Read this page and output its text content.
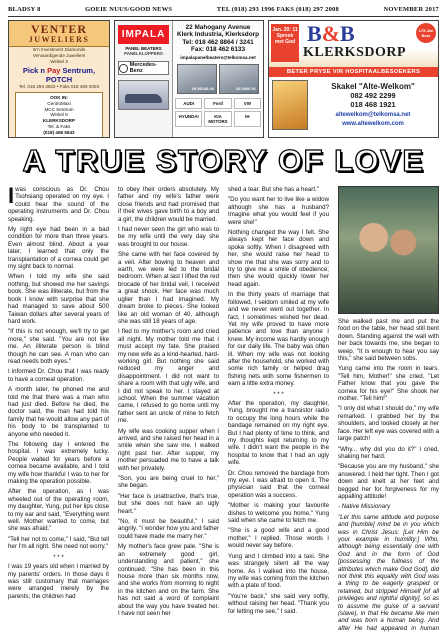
BLADSY 8	GOEIE NUUS/GOOD NEWS	TEL (018) 293 1996 FAKS (018) 297 2008	NOVEMBER 2017
VENTER
JUWELIERS
Is'n Investment Diamonds
Vervaardigende Juweliers
Winkel 3
Pick n Pay Sentrum, POTCH
Tel. 018 294 3932 • Faks 018 469 0003
OOK IN:
CentroMaxi
MCC Sentrum
Winkel 5
KLERKSDORP
Tel. & Faks
(018) 468 5943
IMPALA
PANEL BEATERS
PANELKLOPPERS
Mercedes-Benz
22 Mahogany Avenue
Klerk Industria, Klerksdorp
Tel: 018 462 8864 / 3241
Fax: 018 462 6133
impalapanelbeaters@telkomsa.net
29 56148 40	28 0846 81
AUDI	Ford	VW
HYUNDAI	KIA MOTORS
IH
Jan. 20: 11
Spreek
met God B&B
KLERKSDORP
175 Jan Boer
BETER PRYSE VIR HOSPITAALBESOEKERS
Skakel "Alte-Welkom"
082 492 2299
018 468 1921
altewelkom@telkomsa.net
www.altewelkom.com
A TRUE STORY OF LOVE

Iwas conscious as Dr. Chou Tsohsiang operated on my eye. I could hear the sound of the operating instruments and Dr. Chou speaking.

My right eye had been in a bad condition for more than three years. Even almost blind. About a year later, I learned that only the transplantation of a cornea could get my sight back to normal.

When I told my wife she said nothing, but showed me her savings book. She was illiterate, but from the book I know with surprise that she had managed to save about 500 Taiwan dollars after several years of hard work.

"If this is not enough, we'll try to get more," she said. "You are not like me. An illiterate person is blind though he can see. A man who can read needs both eyes."

I informed Dr. Chou that I was ready to have a corneal operation.

A month later, he phoned me and told me that there was a man who had just died. Before he died, the doctor said, the man had told his family that he would allow any part of his body to be transplanted to anyone who needed it.

The following day I entered the hospital. I was extremely lucky. People waited for years before a cornea became available, and I told my wife how thankful I was to her for making the operation possible.

After the operation, as I was wheeled out of the operating room, my daughter, Yung, put her lips close to my ear and said, "Everything went well. Mother wanted to come, but she was afraid."

"Tell her not to come," I said, "But tell her I'm all right. She need not worry."

* * *

I was 19 years old when I married by my parents' orders. In those days it was still customary that marriages were arranged merely by the parents; the children had

to obey their orders absolutely. My father and my wife's father were close friends and had promised that if their wives gave birth to a boy and a girl, the children would be married.

I had never seen the girl who was to be my wife until the very day she was brought to our house.

She came with her face covered by a veil. After bowing to heaven and earth, we were led to the bridal bedroom. When at last I lifted the red brocade of her bridal veil, I received a great shock. Her face was much uglier than I had imagined. My dream broke to pieces. She looked like an old woman of 40, although she was still 18 years of age.

I fled to my mother's room and cried all night. My mother told me that I must accept my fate. She praised my new wife as a kind-hearted, hard-working girl. But nothing she said reduced my anger and disappointment. I did not want to share a room with that ugly wife, and I did not speak to her. I stayed at school. When the summer vacation came, I refused to go home until my father sent an uncle of mine to fetch me.

My wife was cooking supper when I arrived, and she raised her head in a smile when she saw me. I walked right past her. After supper, my mother persuaded me to have a talk with her privately.

"Son, you are being cruel to her," she began.

"Her face is unattractive, that's true, but she does not have an ugly heart."

"No, it must be beautiful," I said angrily. "I wonder how you and father could have made me marry her."

My mother's face grew pale. "She is an extremely good girl, understanding and patient," she continued. "She has been in this house more than six months now, and she works from morning to night in the kitchen and on the farm. She has not said a word of complaint about the way you have treated her. I have not seen her

shed a tear. But she has a heart."

"Do you want her to live like a widow although she has a husband? Imagine what you would feel if you were she!"

Nothing changed the way I felt. She always kept her face down and spoke softly. When I disagreed with her, she would raise her head to show me that she was sorry and to try to give me a smile of obedience; then she would quickly lower her head again.

In the thirty years of marriage that followed, I seldom smiled at my wife and we never went out together. In fact, I sometimes wished her dead. Yet my wife proved to have more patience and love than anyone I knew. My income was hardly enough for our daily life. The baby was often ill. When my wife was not looking after the household, she worked with some rich family or helped drag fishing nets with some fishermen to earn a little extra money.

* * *

After the operation, my daughter, Yung, brought me a transistor radio to occupy the long hours while the bandage remained on my right eye. But I had plenty of time to think, and my thoughts kept returning to my wife. I didn't want the people in the hospital to know that I had an ugly wife.

Dr. Chou removed the bandage from my eye. I was afraid to open it. The physician said that the corneal operation was a success.

"Mother is making your favourite dishes to welcome you home," Yung said when she came to fetch me.

"She is a good wife and a good mother," I replied. Those words I would never say before.

Yung and I climbed into a taxi. She was strangely silent all the way home. As I walked into the house, my wife was coming from the kitchen with a plate of food.

"You're back," she said very softly, without raising her head. "Thank you for letting me see," I said.

She walked past me and put the food on the table, her head still bent down. Standing against the wall with her back towards me, she began to weep. "It is enough to hear you say this," she said between sobs.

Yung came into the room in tears. "Tell him, Mother!" she cried. "Let Father know that you gave the cornea for his eye!" She shook her mother. "Tell him!"

"I only did what I should do," my wife remarked. I grabbed her by the shoulders, and looked closely at her face. Her left eye was covered with a large patch!

"Why... why did you do it?" I cried, shaking her hard.

"Because you are my husband," she answered. I held her tight. Then I got down and knelt at her feet and begged her for forgiveness for my appalling attitude!

- Native Missionary

"Let this same attitude and purpose and [humble] mind be in you which was in Christ Jesus: [Let Him be your example in humility:] Who, although being essentially one with God and in the form of God [possessing the fullness of the attributes which make God God], did not think this equality with God was a thing to be eagerly grasped or retained, but stripped Himself [of all privileges and rightful dignity], so as to assume the guise of a servant (slave), in that He became like men and was born a human being. And after He had appeared in human
